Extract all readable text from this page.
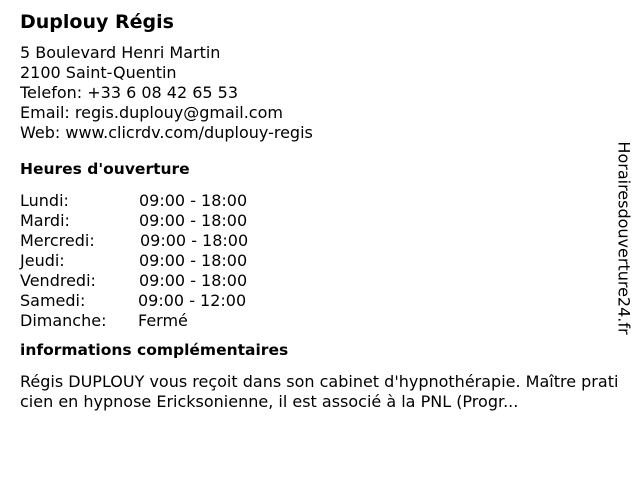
Duplouy Régis
5 Boulevard Henri Martin
2100 Saint-Quentin
Telefon: +33 6 08 42 65 53
Email: regis.duplouy@gmail.com
Web: www.clicrdv.com/duplouy-regis
Heures d'ouverture
Lundi:	09:00 - 18:00
Mardi:	09:00 - 18:00
Mercredi:	09:00 - 18:00
Jeudi:	09:00 - 18:00
Vendredi:	09:00 - 18:00
Samedi:	09:00 - 12:00
Dimanche: Fermé
informations complémentaires
Régis DUPLOUY vous reçoit dans son cabinet d'hypnothérapie. Maître praticien en hypnose Ericksonienne, il est associé à la PNL (Progr...
Horairesdouverture24.fr
